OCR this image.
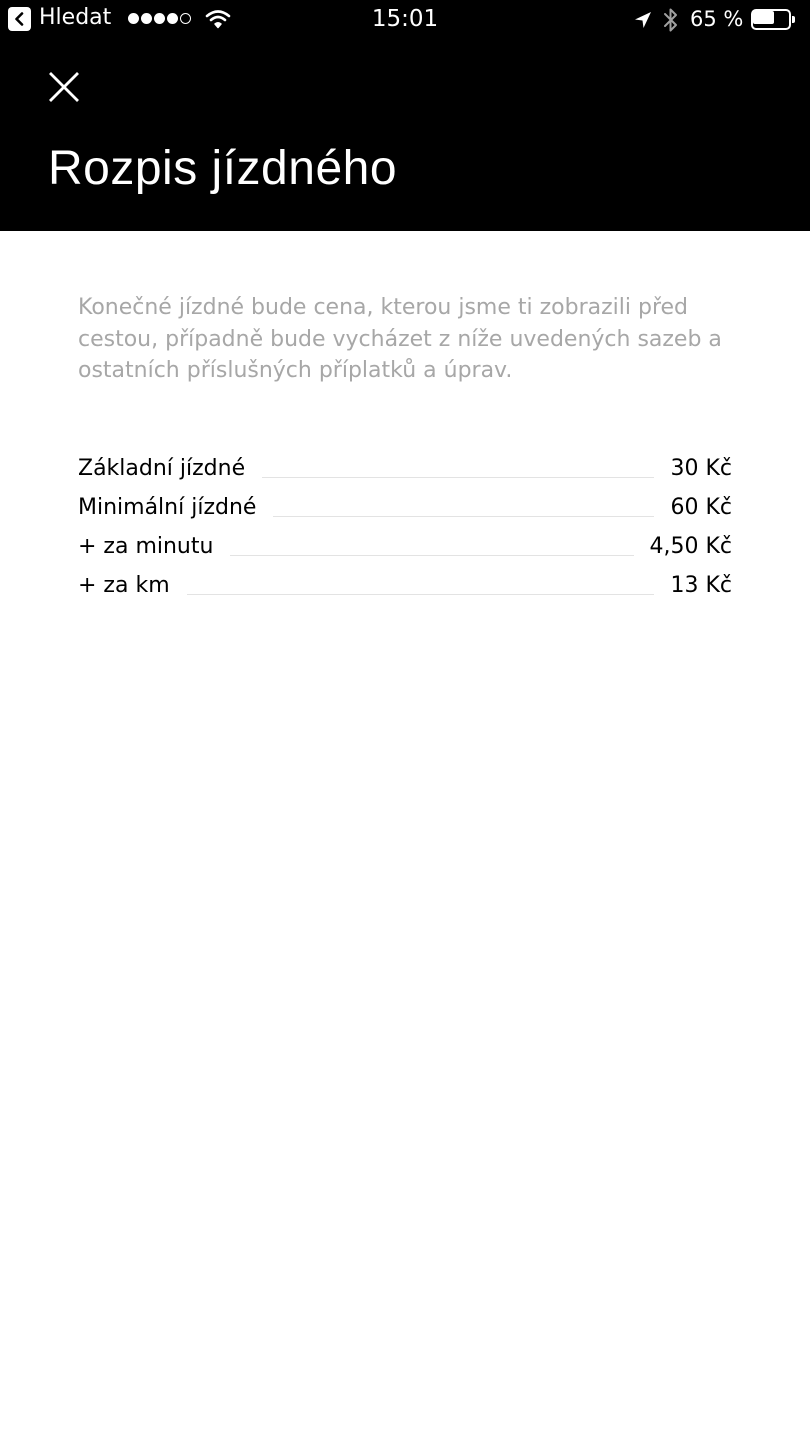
Hledat	15:01	65 %
Rozpis jízdného

Konečné jízdné bude cena, kterou jsme ti zobrazili před cestou, případně bude vycházet z níže uvedených sazeb a ostatních příslušných příplatků a úprav.

Základní jízdné	30 Kč
Minimální jízdné	60 Kč
+ za minutu	4,50 Kč
+ za km	13 Kč
